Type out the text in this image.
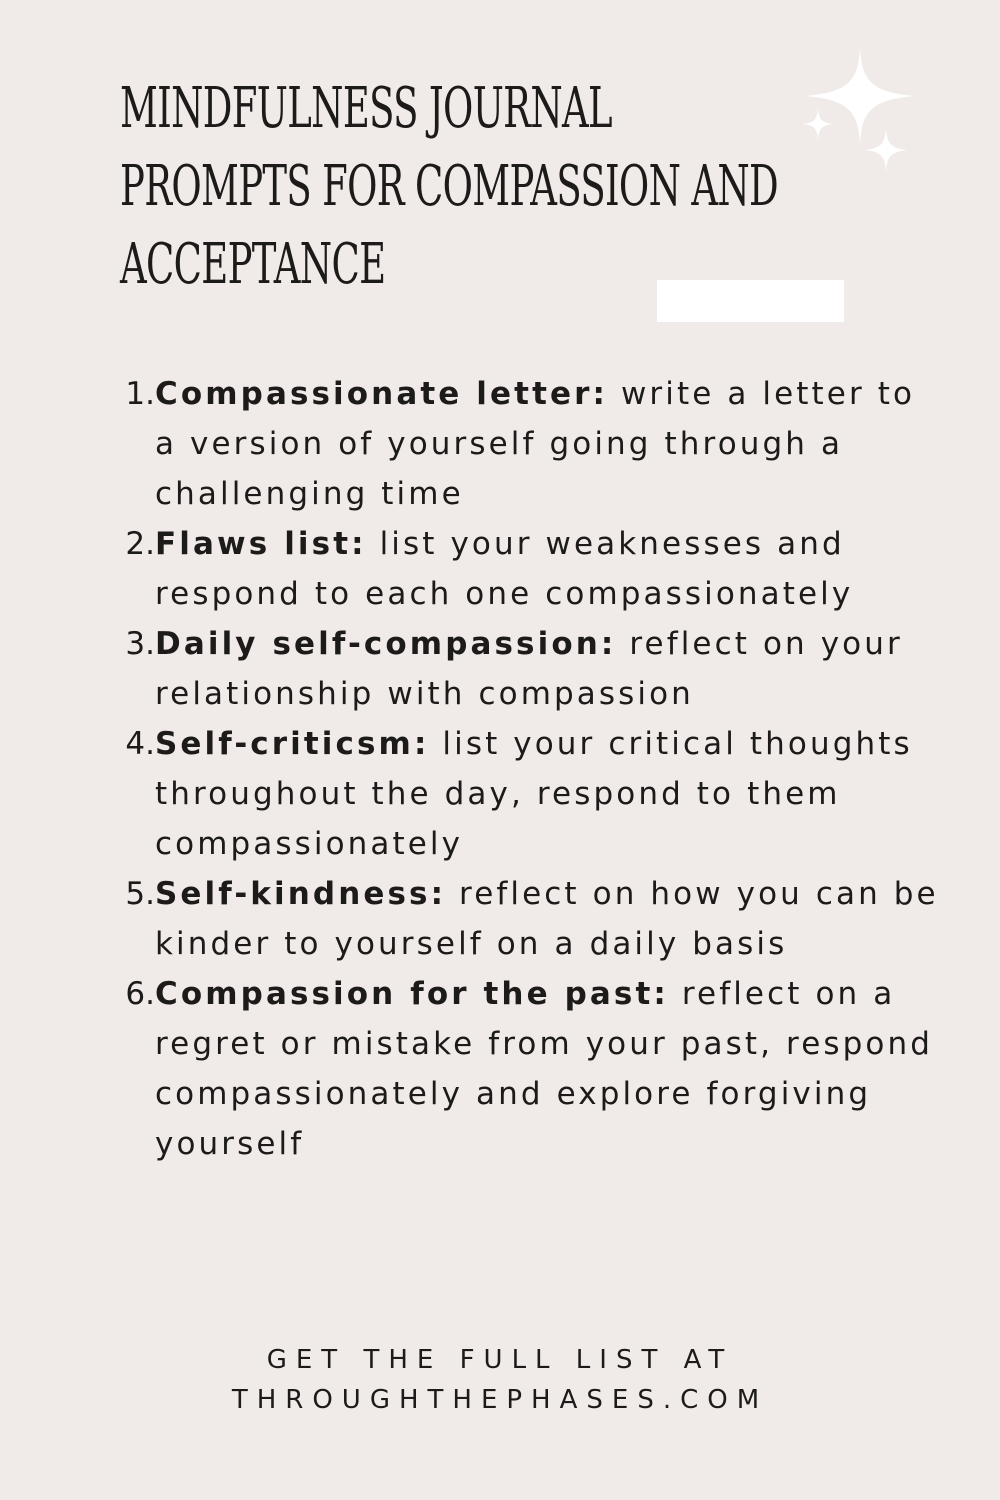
MINDFULNESS JOURNAL
PROMPTS FOR COMPASSION AND
ACCEPTANCE
1. Compassionate letter: write a letter to a version of yourself going through a challenging time
2. Flaws list: list your weaknesses and respond to each one compassionately
3. Daily self-compassion: reflect on your relationship with compassion
4. Self-criticsm: list your critical thoughts throughout the day, respond to them compassionately
5. Self-kindness: reflect on how you can be kinder to yourself on a daily basis
6. Compassion for the past: reflect on a regret or mistake from your past, respond compassionately and explore forgiving yourself
GET THE FULL LIST AT
THROUGHTHEPHASES.COM
